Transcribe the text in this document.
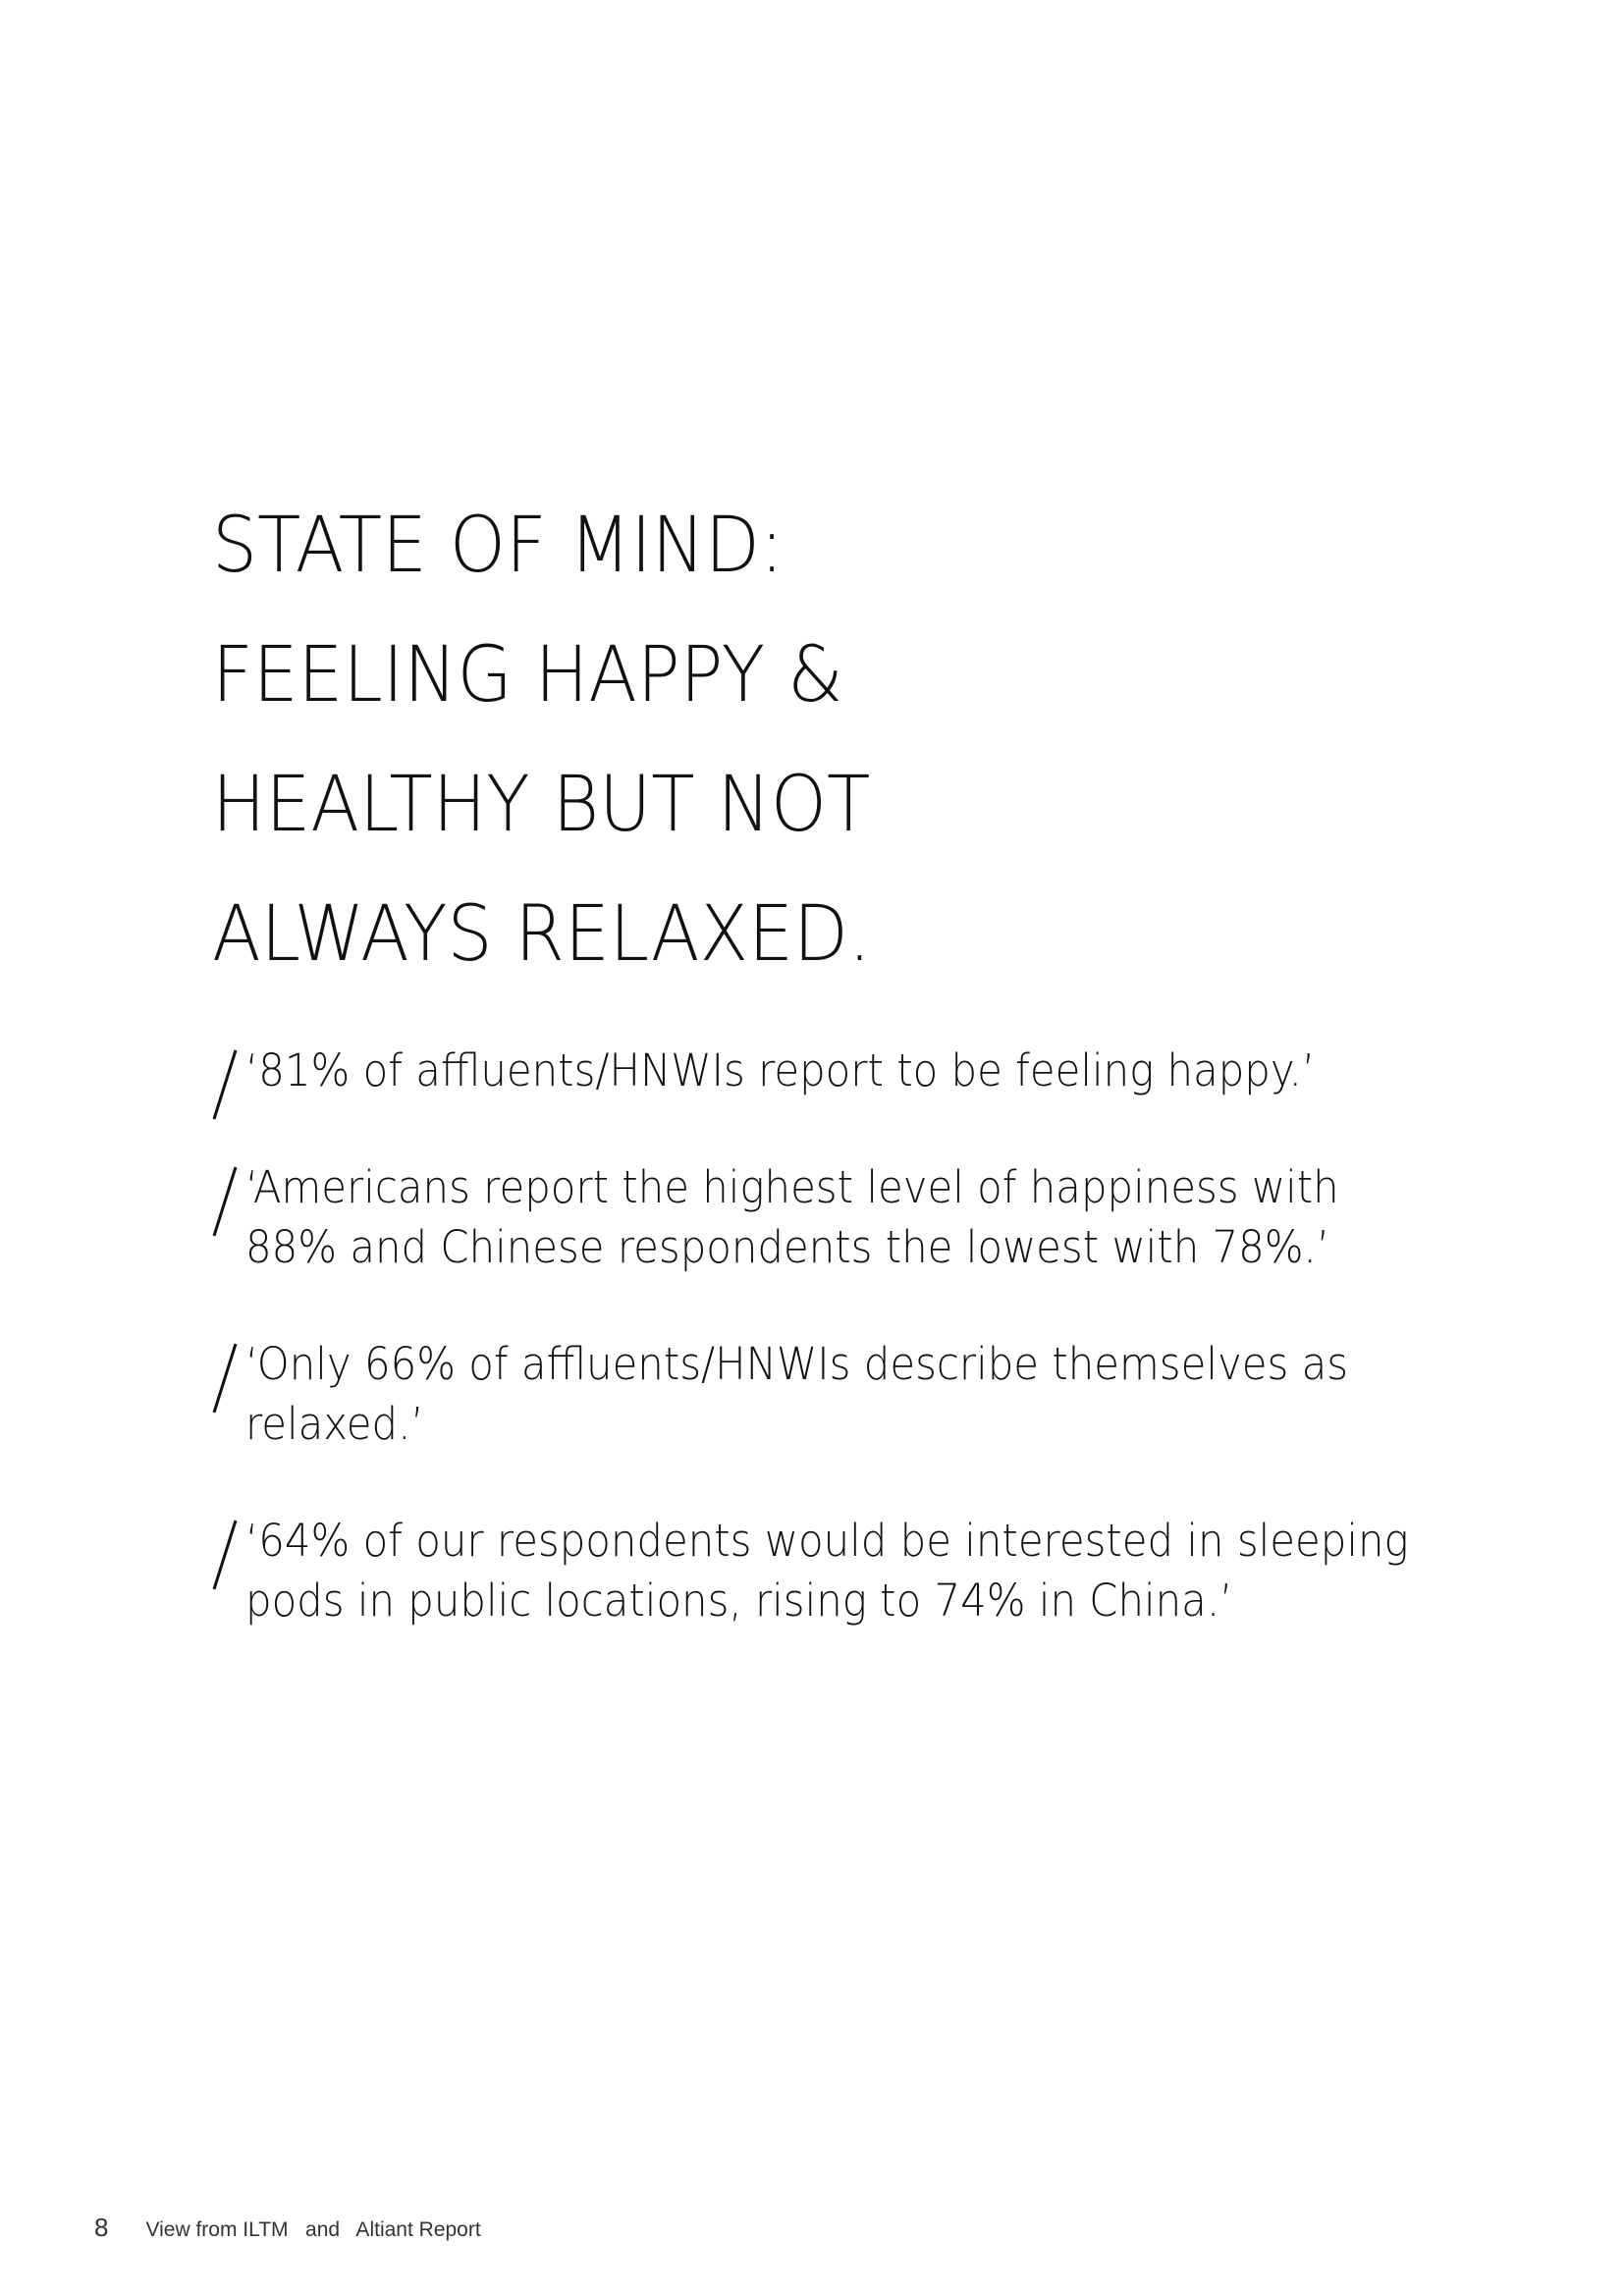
STATE OF MIND:
FEELING HAPPY &
HEALTHY BUT NOT
ALWAYS RELAXED.
‘81% of affluents/HNWIs report to be feeling happy.’
‘Americans report the highest level of happiness with
88% and Chinese respondents the lowest with 78%.’
‘Only 66% of affluents/HNWIs describe themselves as
relaxed.’
‘64% of our respondents would be interested in sleeping
pods in public locations, rising to 74% in China.’
8 View from ILTM   and   Altiant Report
